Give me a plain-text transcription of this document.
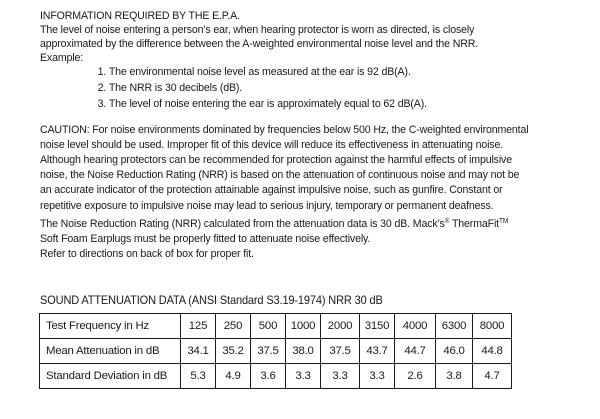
INFORMATION REQUIRED BY THE E.P.A.
The level of noise entering a person’s ear, when hearing protector is worn as directed, is closely
approximated by the difference between the A-weighted environmental noise level and the NRR.
Example:
1. The environmental noise level as measured at the ear is 92 dB(A).
2. The NRR is 30 decibels (dB).
3. The level of noise entering the ear is approximately equal to 62 dB(A).
CAUTION: For noise environments dominated by frequencies below 500 Hz, the C-weighted environmental
noise level should be used. Improper fit of this device will reduce its effectiveness in attenuating noise.
Although hearing protectors can be recommended for protection against the harmful effects of impulsive
noise, the Noise Reduction Rating (NRR) is based on the attenuation of continuous noise and may not be
an accurate indicator of the protection attainable against impulsive noise, such as gunfire. Constant or
repetitive exposure to impulsive noise may lead to serious injury, temporary or permanent deafness.
The Noise Reduction Rating (NRR) calculated from the attenuation data is 30 dB. Mack’s® ThermaFit™
Soft Foam Earplugs must be properly fitted to attenuate noise effectively.
Refer to directions on back of box for proper fit.
SOUND ATTENUATION DATA (ANSI Standard S3.19-1974) NRR 30 dB
Test Frequency in Hz	125	250	500	1000	2000	3150	4000	6300	8000
Mean Attenuation in dB	34.1	35.2	37.5	38.0	37.5	43.7	44.7	46.0	44.8
Standard Deviation in dB	5.3	4.9	3.6	3.3	3.3	3.3	2.6	3.8	4.7
